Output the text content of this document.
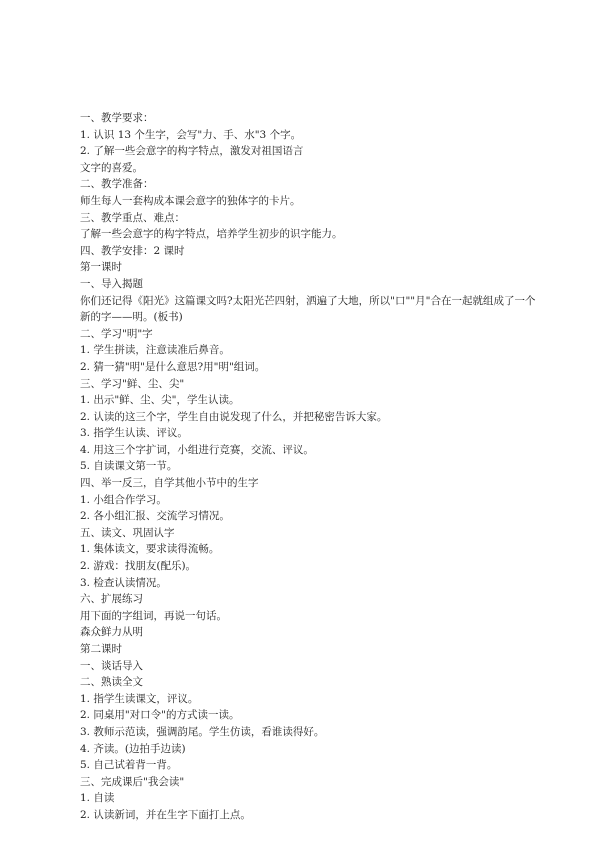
一、教学要求：
1. 认识 13 个生字，会写"力、手、水"3 个字。
2. 了解一些会意字的构字特点，激发对祖国语言
文字的喜爱。
二、教学准备：
师生每人一套构成本课会意字的独体字的卡片。
三、教学重点、难点：
了解一些会意字的构字特点，培养学生初步的识字能力。
四、教学安排：2 课时
第一课时
一、导入揭题
你们还记得《阳光》这篇课文吗?太阳光芒四射，洒遍了大地，所以"口""月"合在一起就组成了一个新的字——明。(板书)
二、学习"明"字
1. 学生拼读，注意读准后鼻音。
2. 猜一猜"明"是什么意思?用"明"组词。
三、学习"鲜、尘、尖"
1. 出示"鲜、尘、尖"，学生认读。
2. 认读的这三个字，学生自由说发现了什么，并把秘密告诉大家。
3. 指学生认读、评议。
4. 用这三个字扩词，小组进行竞赛，交流、评议。
5. 自读课文第一节。
四、举一反三，自学其他小节中的生字
1. 小组合作学习。
2. 各小组汇报、交流学习情况。
五、读文、巩固认字
1. 集体读文，要求读得流畅。
2. 游戏：找朋友(配乐)。
3. 检查认读情况。
六、扩展练习
用下面的字组词，再说一句话。
森众鲜力从明
第二课时
一、谈话导入
二、熟读全文
1. 指学生读课文，评议。
2. 同桌用"对口令"的方式读一读。
3. 教师示范读，强调韵尾。学生仿读，看谁读得好。
4. 齐读。(边拍手边读)
5. 自己试着背一背。
三、完成课后"我会读"
1. 自读
2. 认读新词，并在生字下面打上点。
